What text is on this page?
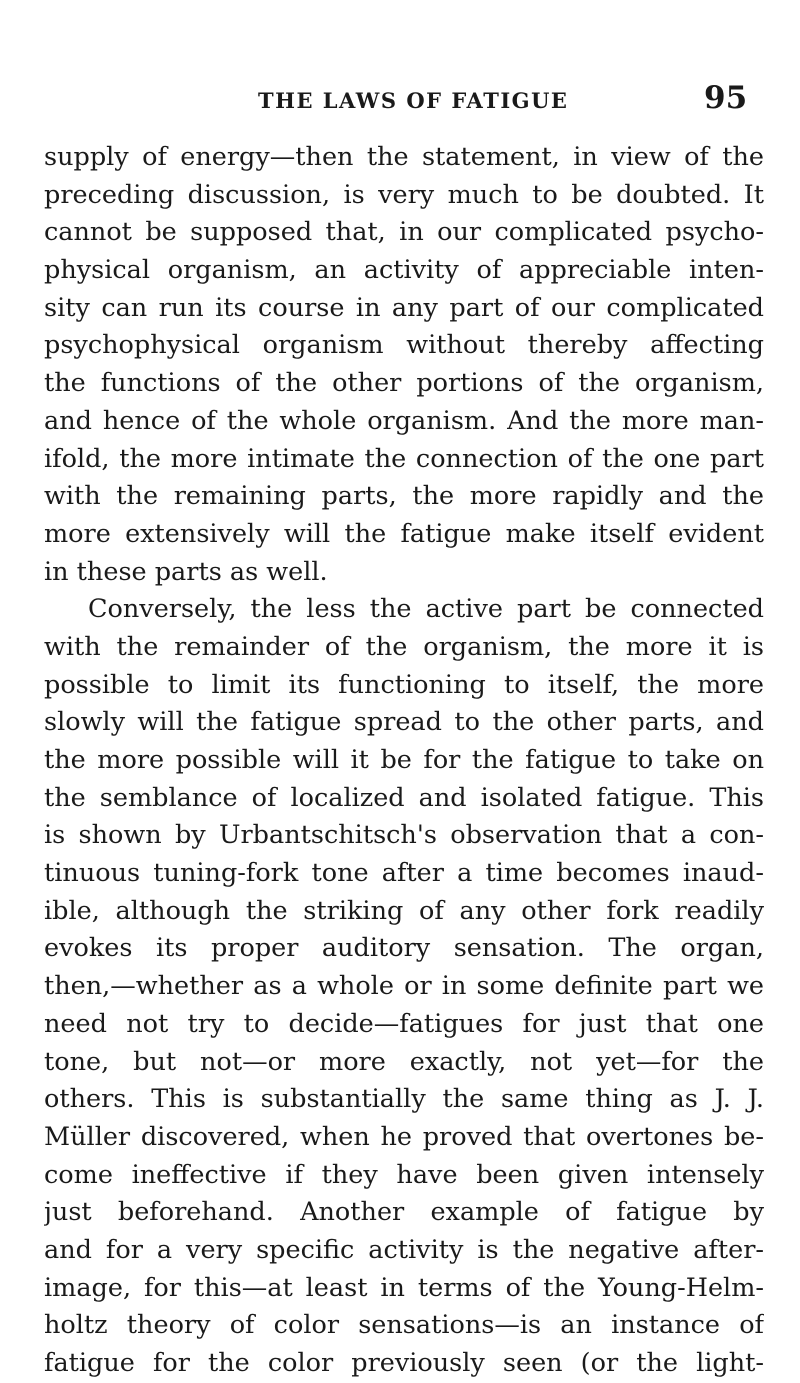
THE LAWS OF FATIGUE	95
supply of energy—then the statement, in view of the
preceding discussion, is very much to be doubted. It
cannot be supposed that, in our complicated psycho-
physical organism, an activity of appreciable inten-
sity can run its course in any part of our complicated
psychophysical organism without thereby affecting
the functions of the other portions of the organism,
and hence of the whole organism. And the more man-
ifold, the more intimate the connection of the one part
with the remaining parts, the more rapidly and the
more extensively will the fatigue make itself evident
in these parts as well.
Conversely, the less the active part be connected
with the remainder of the organism, the more it is
possible to limit its functioning to itself, the more
slowly will the fatigue spread to the other parts, and
the more possible will it be for the fatigue to take on
the semblance of localized and isolated fatigue. This
is shown by Urbantschitsch's observation that a con-
tinuous tuning-fork tone after a time becomes inaud-
ible, although the striking of any other fork readily
evokes its proper auditory sensation. The organ,
then,—whether as a whole or in some definite part we
need not try to decide—fatigues for just that one
tone, but not—or more exactly, not yet—for the
others. This is substantially the same thing as J. J.
Müller discovered, when he proved that overtones be-
come ineffective if they have been given intensely
just beforehand. Another example of fatigue by
and for a very specific activity is the negative after-
image, for this—at least in terms of the Young-Helm-
holtz theory of color sensations—is an instance of
fatigue for the color previously seen (or the light-
